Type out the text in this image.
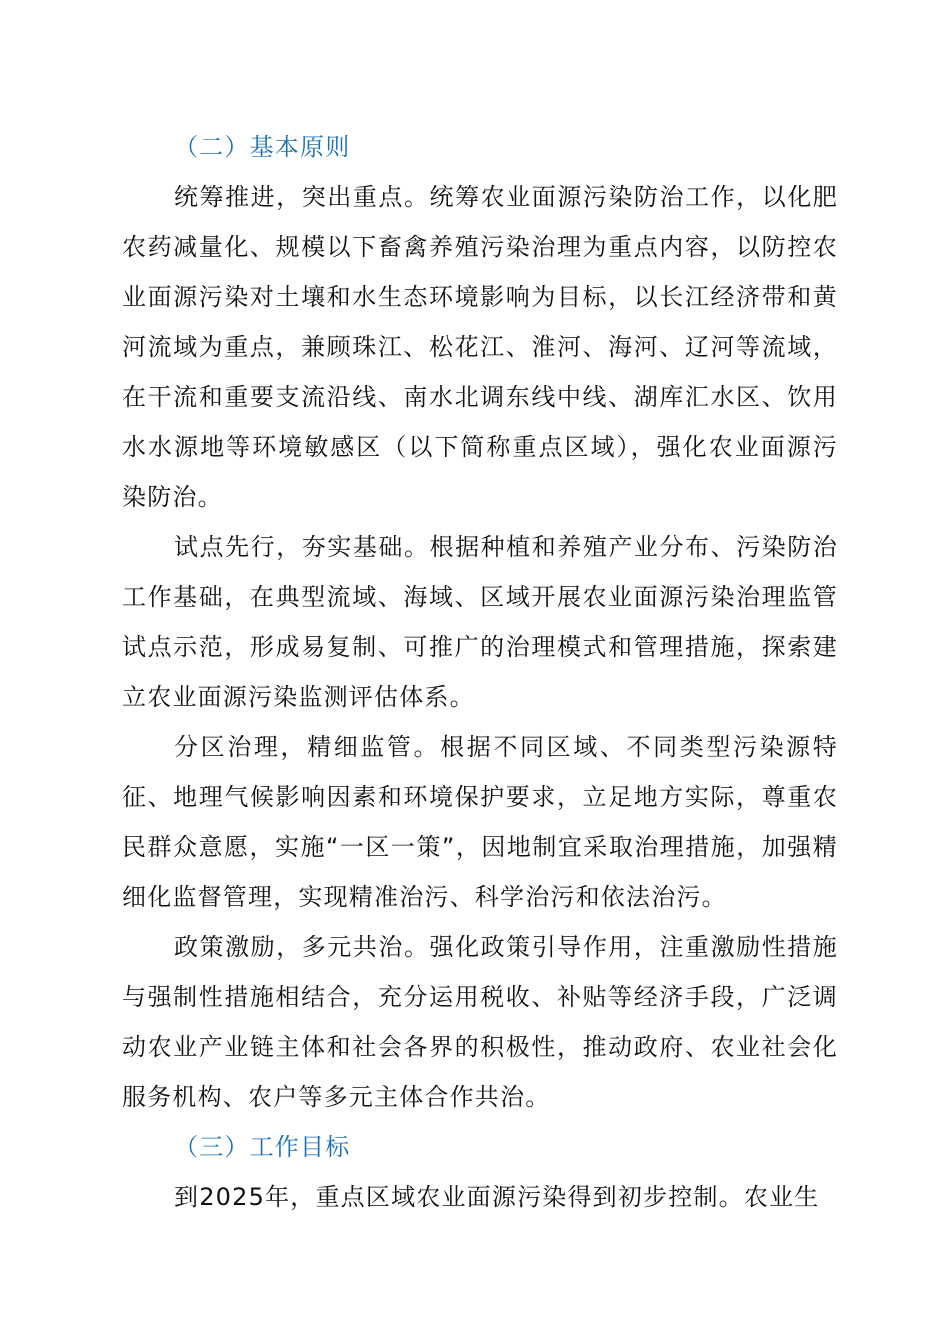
（二）基本原则

统筹推进，突出重点。统筹农业面源污染防治工作，以化肥农药减量化、规模以下畜禽养殖污染治理为重点内容，以防控农业面源污染对土壤和水生态环境影响为目标，以长江经济带和黄河流域为重点，兼顾珠江、松花江、淮河、海河、辽河等流域，在干流和重要支流沿线、南水北调东线中线、湖库汇水区、饮用水水源地等环境敏感区（以下简称重点区域），强化农业面源污染防治。

试点先行，夯实基础。根据种植和养殖产业分布、污染防治工作基础，在典型流域、海域、区域开展农业面源污染治理监管试点示范，形成易复制、可推广的治理模式和管理措施，探索建立农业面源污染监测评估体系。

分区治理，精细监管。根据不同区域、不同类型污染源特征、地理气候影响因素和环境保护要求，立足地方实际，尊重农民群众意愿，实施“一区一策”，因地制宜采取治理措施，加强精细化监督管理，实现精准治污、科学治污和依法治污。

政策激励，多元共治。强化政策引导作用，注重激励性措施与强制性措施相结合，充分运用税收、补贴等经济手段，广泛调动农业产业链主体和社会各界的积极性，推动政府、农业社会化服务机构、农户等多元主体合作共治。

（三）工作目标

到2025年，重点区域农业面源污染得到初步控制。农业生
